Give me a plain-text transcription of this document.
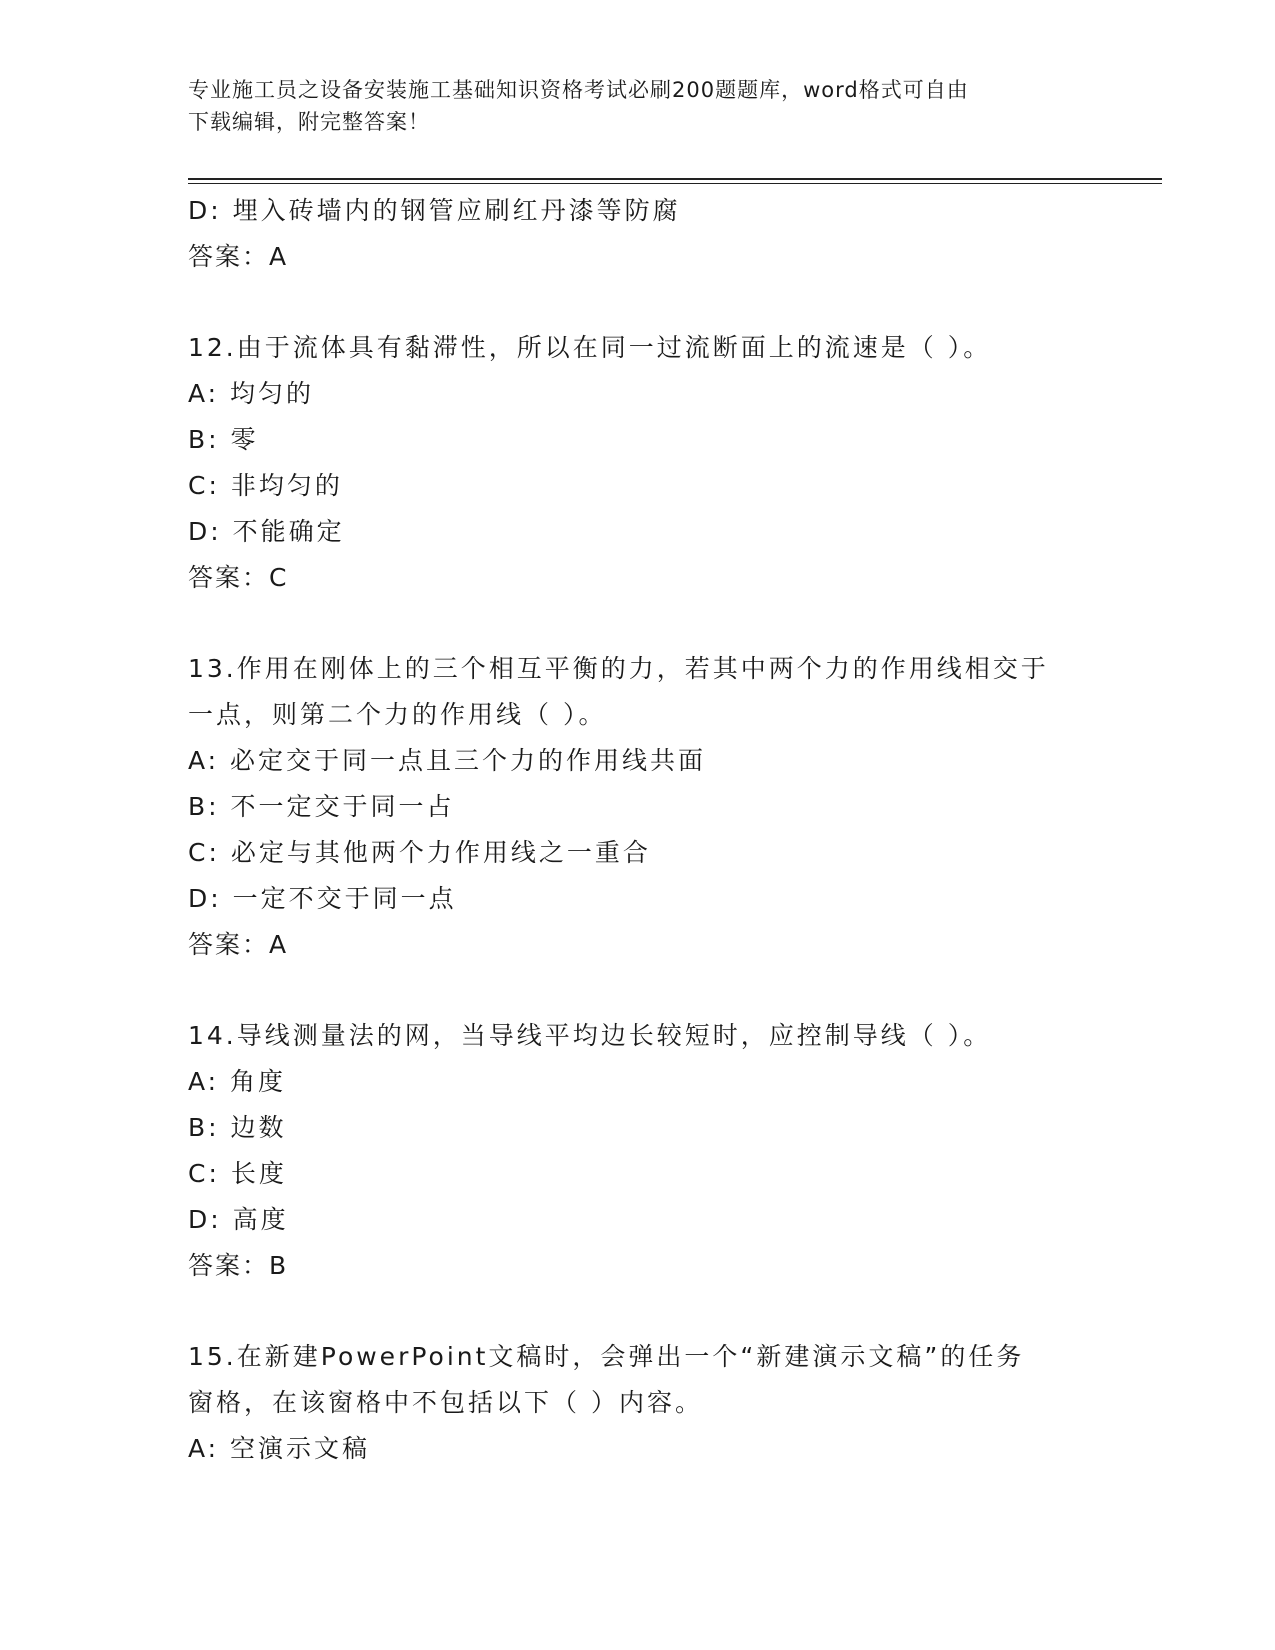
专业施工员之设备安装施工基础知识资格考试必刷200题题库，word格式可自由
下载编辑，附完整答案！
D: 埋入砖墙内的钢管应刷红丹漆等防腐
答案：A
12.由于流体具有黏滞性，所以在同一过流断面上的流速是（ ）。
A: 均匀的
B: 零
C: 非均匀的
D: 不能确定
答案：C
13.作用在刚体上的三个相互平衡的力，若其中两个力的作用线相交于
一点，则第二个力的作用线（ ）。
A: 必定交于同一点且三个力的作用线共面
B: 不一定交于同一占
C: 必定与其他两个力作用线之一重合
D: 一定不交于同一点
答案：A
14.导线测量法的网，当导线平均边长较短时，应控制导线（ ）。
A: 角度
B: 边数
C: 长度
D: 高度
答案：B
15.在新建PowerPoint文稿时，会弹出一个“新建演示文稿”的任务
窗格，在该窗格中不包括以下（ ）内容。
A: 空演示文稿
